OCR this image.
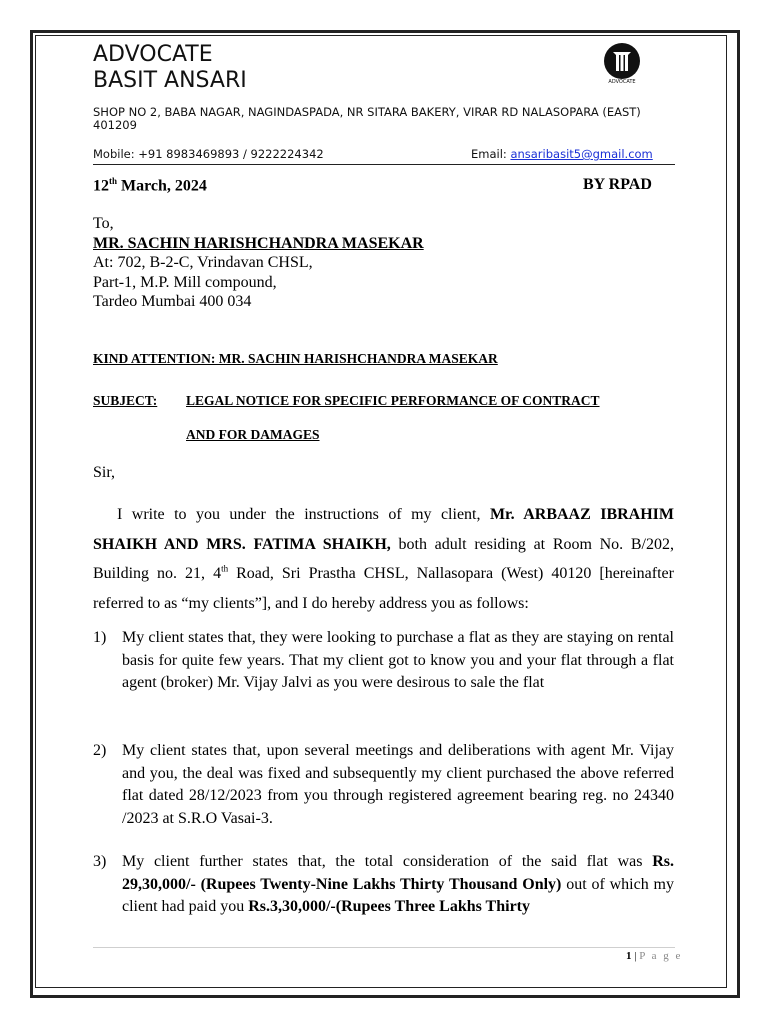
ADVOCATE
BASIT ANSARI	ADVOCATE
SHOP NO 2, BABA NAGAR, NAGINDASPADA, NR SITARA BAKERY, VIRAR RD NALASOPARA (EAST) 401209
Mobile: +91 8983469893 / 9222224342	Email: ansaribasit5@gmail.com
12th March, 2024	BY RPAD
To,
MR. SACHIN HARISHCHANDRA MASEKAR
At: 702, B-2-C, Vrindavan CHSL,
Part-1, M.P. Mill compound,
Tardeo Mumbai 400 034
KIND ATTENTION: MR. SACHIN HARISHCHANDRA MASEKAR
SUBJECT: LEGAL NOTICE FOR SPECIFIC PERFORMANCE OF CONTRACT
AND FOR DAMAGES
Sir,
I write to you under the instructions of my client, Mr. ARBAAZ IBRAHIM SHAIKH AND MRS. FATIMA SHAIKH, both adult residing at Room No. B/202, Building no. 21, 4th Road, Sri Prastha CHSL, Nallasopara (West) 40120 [hereinafter referred to as “my clients”], and I do hereby address you as follows:
1) My client states that, they were looking to purchase a flat as they are staying on rental basis for quite few years. That my client got to know you and your flat through a flat agent (broker) Mr. Vijay Jalvi as you were desirous to sale the flat
2) My client states that, upon several meetings and deliberations with agent Mr. Vijay and you, the deal was fixed and subsequently my client purchased the above referred flat dated 28/12/2023 from you through registered agreement bearing reg. no 24340 /2023 at S.R.O Vasai-3.
3) My client further states that, the total consideration of the said flat was Rs. 29,30,000/- (Rupees Twenty-Nine Lakhs Thirty Thousand Only) out of which my client had paid you Rs.3,30,000/-(Rupees Three Lakhs Thirty
1 | P a g e
